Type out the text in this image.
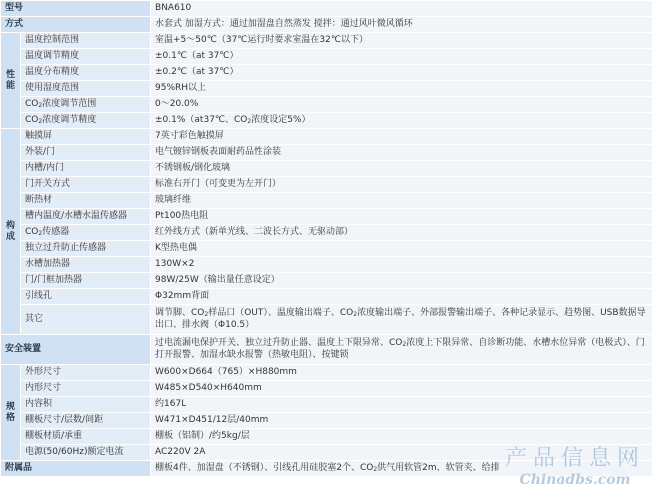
型号		BNA610
方式		水套式 加湿方式：通过加湿盘自然蒸发 搅拌：通过风叶微风循环

性能	温度控制范围	室温+5～50℃（37℃运行时要求室温在32℃以下）
	温度调节精度	±0.1℃（at 37℃）
	温度分布精度	±0.2℃（at 37℃）
	使用湿度范围	95%RH以上
	$CO_2$浓度调节范围	0～20.0%
	$CO_2$浓度调节精度	±0.1%（at37℃、$CO_2$浓度设定5%）

构成	触摸屏	7英寸彩色触摸屏
	外装/门	电气镀锌钢板表面耐药品性涂装
	内槽/内门	不锈钢板/钢化玻璃
	门开关方式	标准右开门（可变更为左开门）
	断热材	玻璃纤维
	槽内温度/水槽水温传感器	Pt100热电阻
	$CO_2$传感器	红外线方式（新单光线、二波长方式、无驱动部）
	独立过升防止传感器	K型热电偶
	水槽加热器	130W×2
	门/门框加热器	98W/25W（输出量任意设定）
	引线孔	Φ32mm背面
	其它	调节脚、$CO_2$样品口（OUT）、温度输出端子、$CO_2$浓度输出端子、外部报警输出端子、各种记录显示、趋势图、USB数据导出口、排水阀（Φ10.5）
安全装置		过电流漏电保护开关、独立过升防止器、温度上下限异常、$CO_2$浓度上下限异常、自诊断功能、水槽水位异常（电极式）、门打开报警、加湿水缺水报警（热敏电阻）、按键锁

规格	外形尺寸	W600×D664（765）×H880mm
	内形尺寸	W485×D540×H640mm
	内容积	约167L
	棚板尺寸/层数/间距	W471×D451/12层/40mm
	棚板材质/承重	棚板（铝制）/约5kg/层
	电源(50/60Hz)额定电流	AC220V 2A
附属品		棚板4件、加湿盘（不锈钢）、引线孔用硅胶塞2个、$CO_2$供气用软管2m、软管夹、给排 产品信息网
Chinadbs.com
